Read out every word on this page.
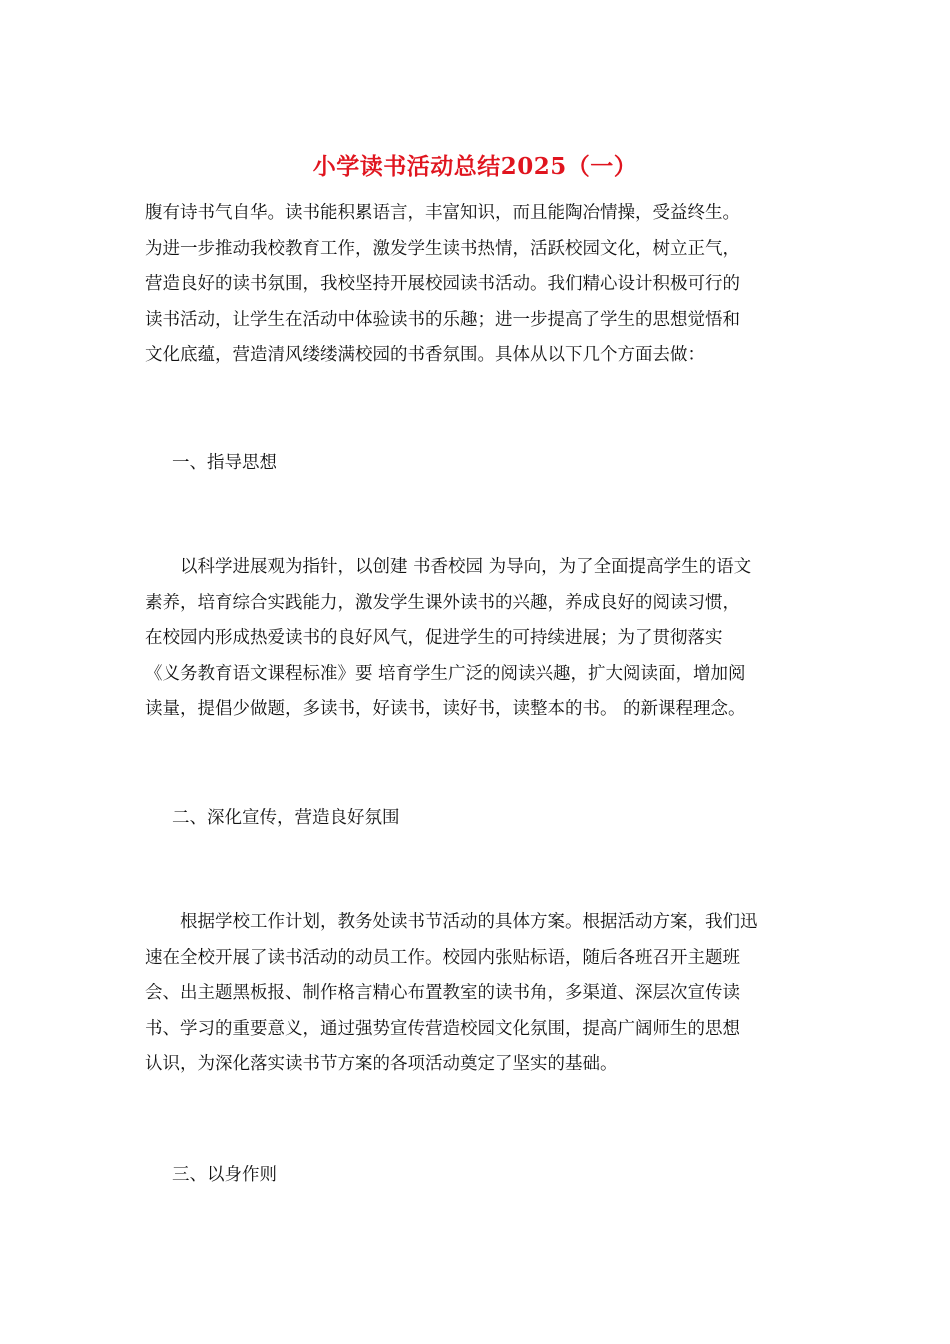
小学读书活动总结2025（一）

腹有诗书气自华。读书能积累语言，丰富知识，而且能陶冶情操，受益终生。
为进一步推动我校教育工作，激发学生读书热情，活跃校园文化，树立正气，
营造良好的读书氛围，我校坚持开展校园读书活动。我们精心设计积极可行的
读书活动，让学生在活动中体验读书的乐趣；进一步提高了学生的思想觉悟和
文化底蕴，营造清风缕缕满校园的书香氛围。具体从以下几个方面去做：

一、指导思想

　　以科学进展观为指针，以创建 书香校园 为导向，为了全面提高学生的语文
素养，培育综合实践能力，激发学生课外读书的兴趣，养成良好的阅读习惯，
在校园内形成热爱读书的良好风气，促进学生的可持续进展；为了贯彻落实
《义务教育语文课程标准》要 培育学生广泛的阅读兴趣，扩大阅读面，增加阅
读量，提倡少做题，多读书，好读书，读好书，读整本的书。 的新课程理念。

二、深化宣传，营造良好氛围

　　根据学校工作计划，教务处读书节活动的具体方案。根据活动方案，我们迅
速在全校开展了读书活动的动员工作。校园内张贴标语，随后各班召开主题班
会、出主题黑板报、制作格言精心布置教室的读书角，多渠道、深层次宣传读
书、学习的重要意义，通过强势宣传营造校园文化氛围，提高广阔师生的思想
认识，为深化落实读书节方案的各项活动奠定了坚实的基础。

三、以身作则
